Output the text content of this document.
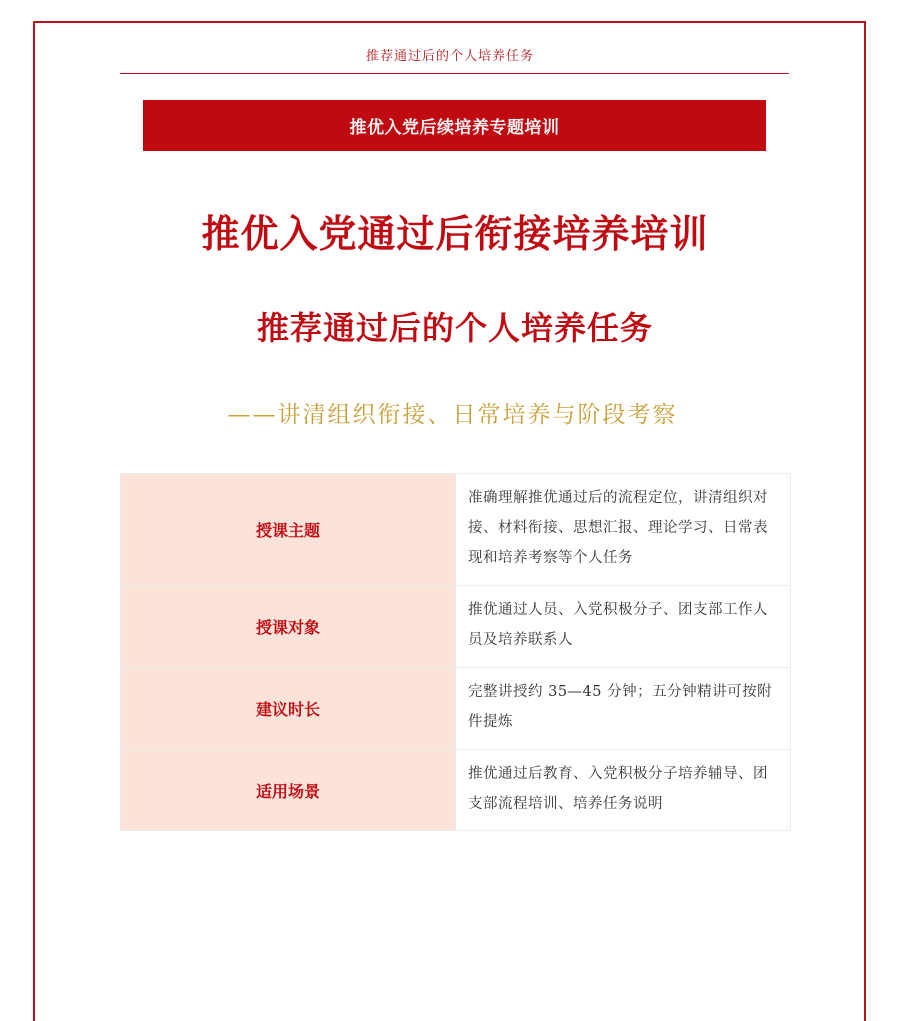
推荐通过后的个人培养任务
推优入党后续培养专题培训
推优入党通过后衔接培养培训
推荐通过后的个人培养任务
——讲清组织衔接、日常培养与阶段考察
授课主题	准确理解推优通过后的流程定位，讲清组织对接、材料衔接、思想汇报、理论学习、日常表现和培养考察等个人任务
授课对象	推优通过人员、入党积极分子、团支部工作人员及培养联系人
建议时长	完整讲授约 35—45 分钟；五分钟精讲可按附件提炼
适用场景	推优通过后教育、入党积极分子培养辅导、团支部流程培训、培养任务说明
